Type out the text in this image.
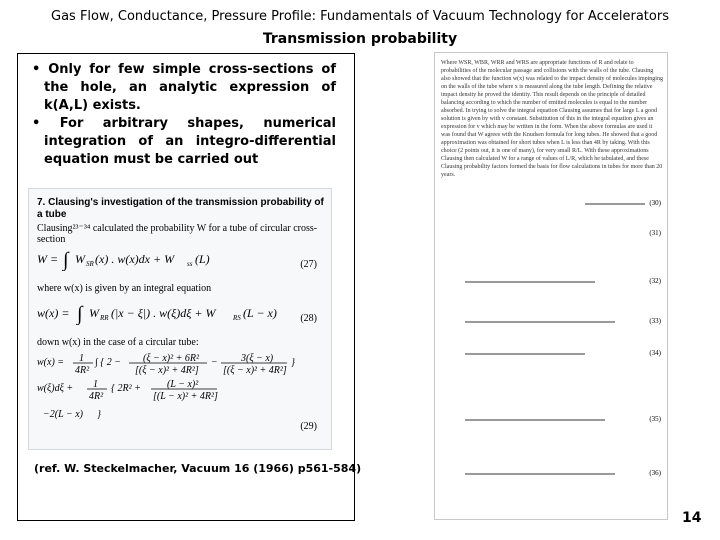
Gas Flow, Conductance, Pressure Profile: Fundamentals of Vacuum Technology for Accelerators
Transmission probability
• Only for few simple cross-sections of the hole, an analytic expression of k(A,L) exists.
• For arbitrary shapes, numerical integration of an integro-differential equation must be carried out
7. Clausing's investigation of the transmission probability of a tube
Clausing²³⁻³⁴ calculated the probability W for a tube of circular cross-section
W = ∫ W SR (x) . w(x)dx + W ss (L)	(27)
where w(x) is given by an integral equation
w(x) = ∫ W RR (|x − ξ|) . w(ξ)dξ + W RS (L − x) (28)
down w(x) in the case of a circular tube:
w(x) = 1
4R²
∫ { 2 − (ξ − x)² + 6R²
[(ξ − x)² + 4R²]
− 3(ξ − x)
[(ξ − x)² + 4R²]
}
w(ξ)dξ + 1
4R²
{ 2R² +	(L − x)²
[(L − x)² + 4R²]
−2(L − x) }
(29)
Where WSR, WBR, WRR and WRS are appropriate functions of R and relate to probabilities of the molecular passage and collisions with the walls of the tube. Clausing also showed that the function w(x) was related to the impact density of molecules impinging on the walls of the tube where x is measured along the tube length. Defining the relative impact density he proved the identity. This result depends on the principle of detailed balancing according to which the number of emitted molecules is equal to the number absorbed. In trying to solve the integral equation Clausing assumes that for large L a good solution is given by with v constant. Substitution of this in the integral equation gives an expression for v which may be written in the form. When the above formulas are used it was found that W agrees with the Knudsen formula for long tubes. He showed that a good approximation was obtained for short tubes when L is less than 4R by taking. With this choice (2 points out, it is one of many), for very small R/L. With these approximations Clausing then calculated W for a range of values of L/R, which he tabulated, and these Clausing probability factors formed the basis for flow calculations in tubes for more than 20 years.
(30)
(31)
(32)
(33)
(34)
(35)
(36)
(ref. W. Steckelmacher, Vacuum 16 (1966) p561-584)
14
